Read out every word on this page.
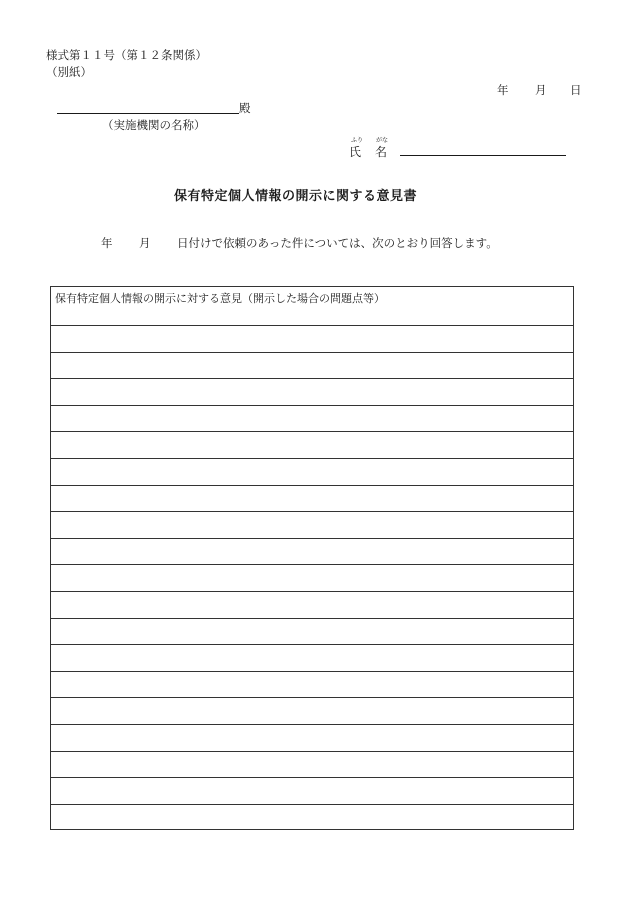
様式第１１号（第１２条関係）
（別紙）
年 月 日
殿
（実施機関の名称）
ふり がな
氏 名
保有特定個人情報の開示に関する意見書
年 月 日付けで依頼のあった件については、次のとおり回答します。
保有特定個人情報の開示に対する意見（開示した場合の問題点等）
